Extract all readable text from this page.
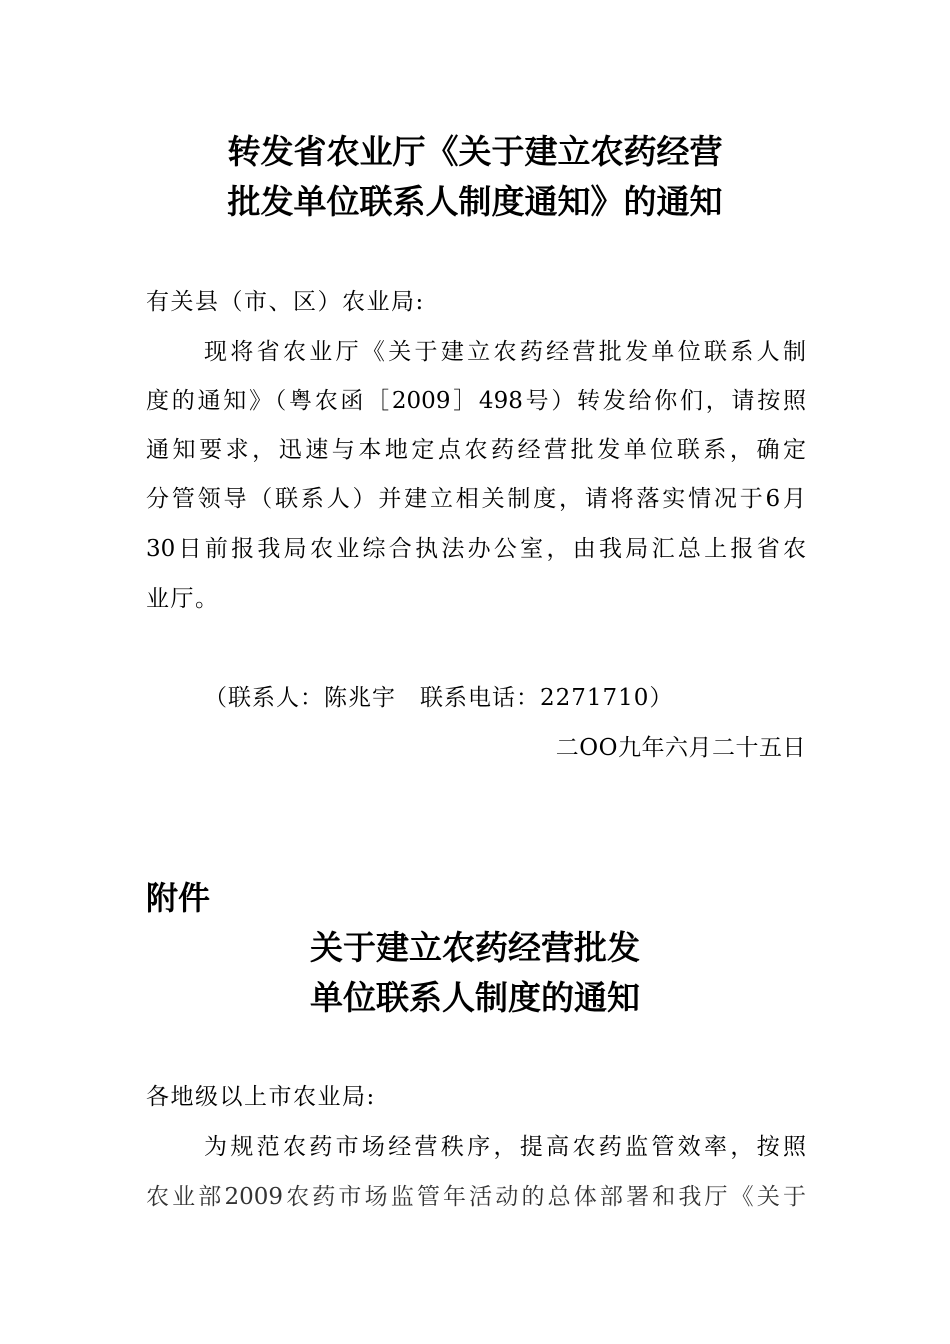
转发省农业厅《关于建立农药经营
批发单位联系人制度通知》的通知
有关县（市、区）农业局:
现将省农业厅《关于建立农药经营批发单位联系人制
度的通知》（粤农函［2009］498号）转发给你们，请按照
通知要求，迅速与本地定点农药经营批发单位联系，确定
分管领导（联系人）并建立相关制度，请将落实情况于6月
30日前报我局农业综合执法办公室，由我局汇总上报省农
业厅。
（联系人：陈兆宇　联系电话：2271710）
二OO九年六月二十五日
附件
关于建立农药经营批发
单位联系人制度的通知
各地级以上市农业局:
为规范农药市场经营秩序，提高农药监管效率，按照
农业部2009农药市场监管年活动的总体部署和我厅《关于
